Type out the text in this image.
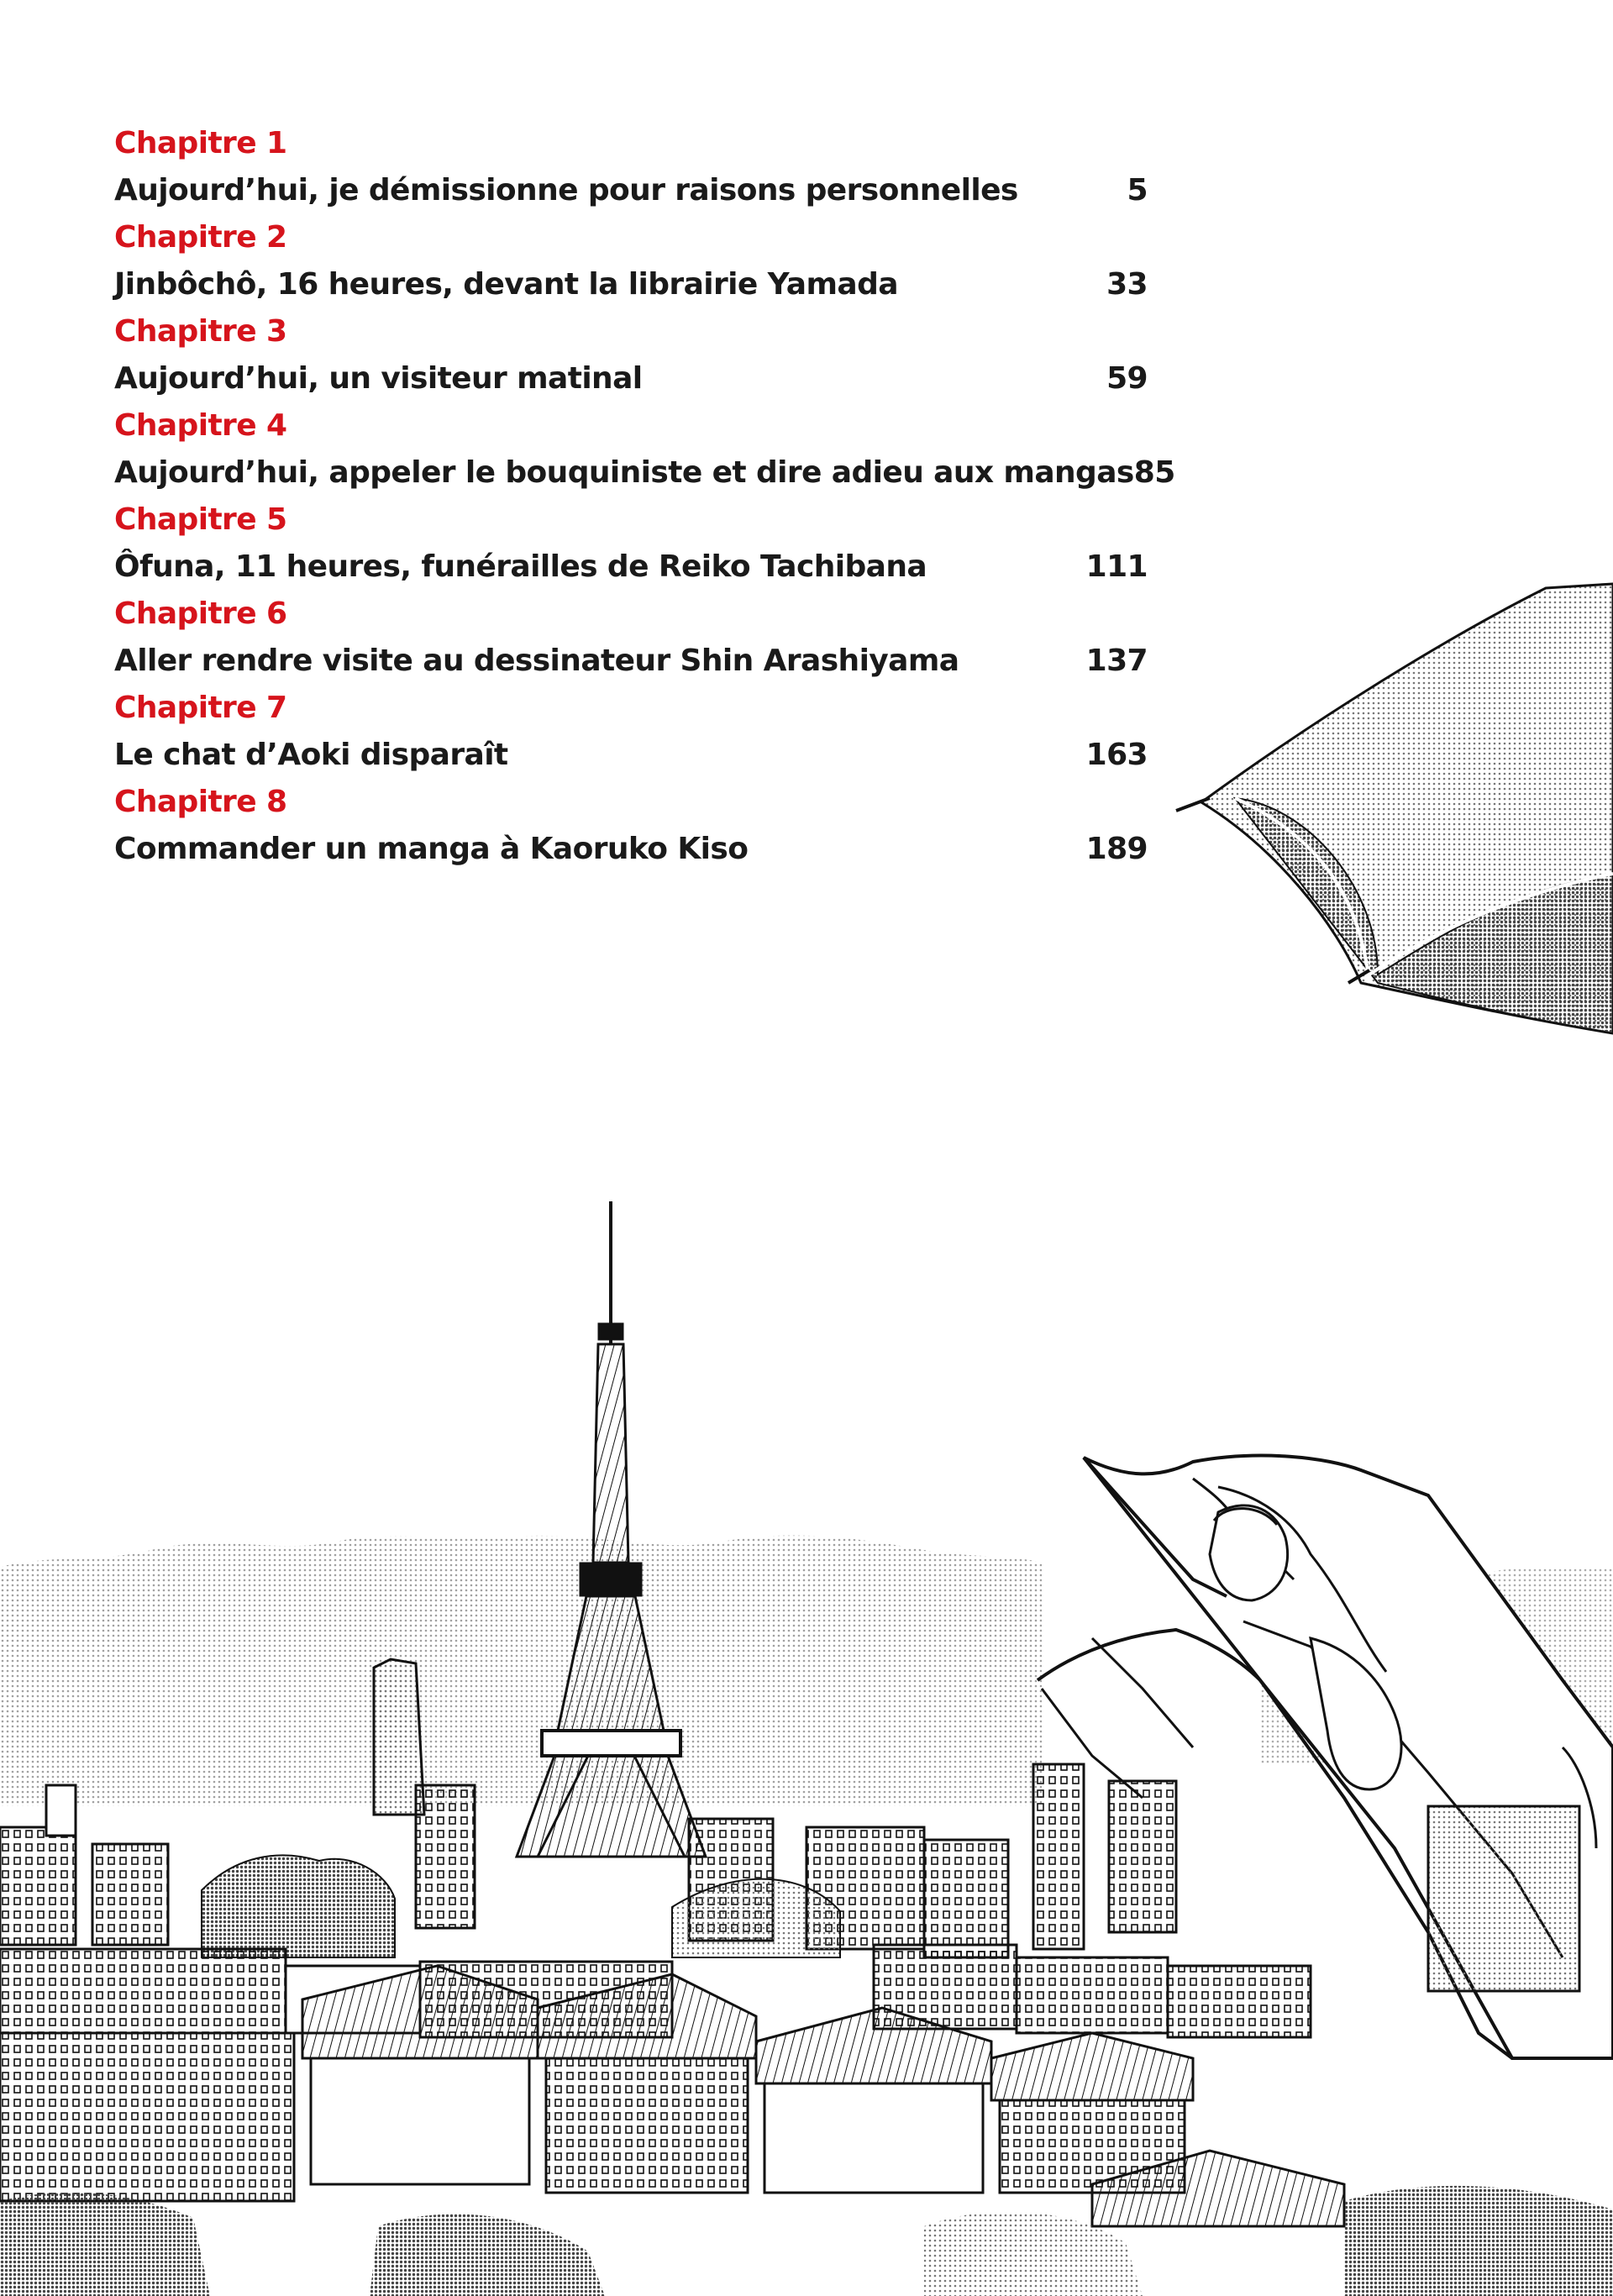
Chapitre 1
Aujourd’hui, je démissionne pour raisons personnelles	5
Chapitre 2
Jinbôchô, 16 heures, devant la librairie Yamada	33
Chapitre 3
Aujourd’hui, un visiteur matinal	59
Chapitre 4
Aujourd’hui, appeler le bouquiniste et dire adieu aux mangas 85
Chapitre 5
Ôfuna, 11 heures, funérailles de Reiko Tachibana	111
Chapitre 6
Aller rendre visite au dessinateur Shin Arashiyama	137
Chapitre 7
Le chat d’Aoki disparaît	163
Chapitre 8
Commander un manga à Kaoruko Kiso	189
